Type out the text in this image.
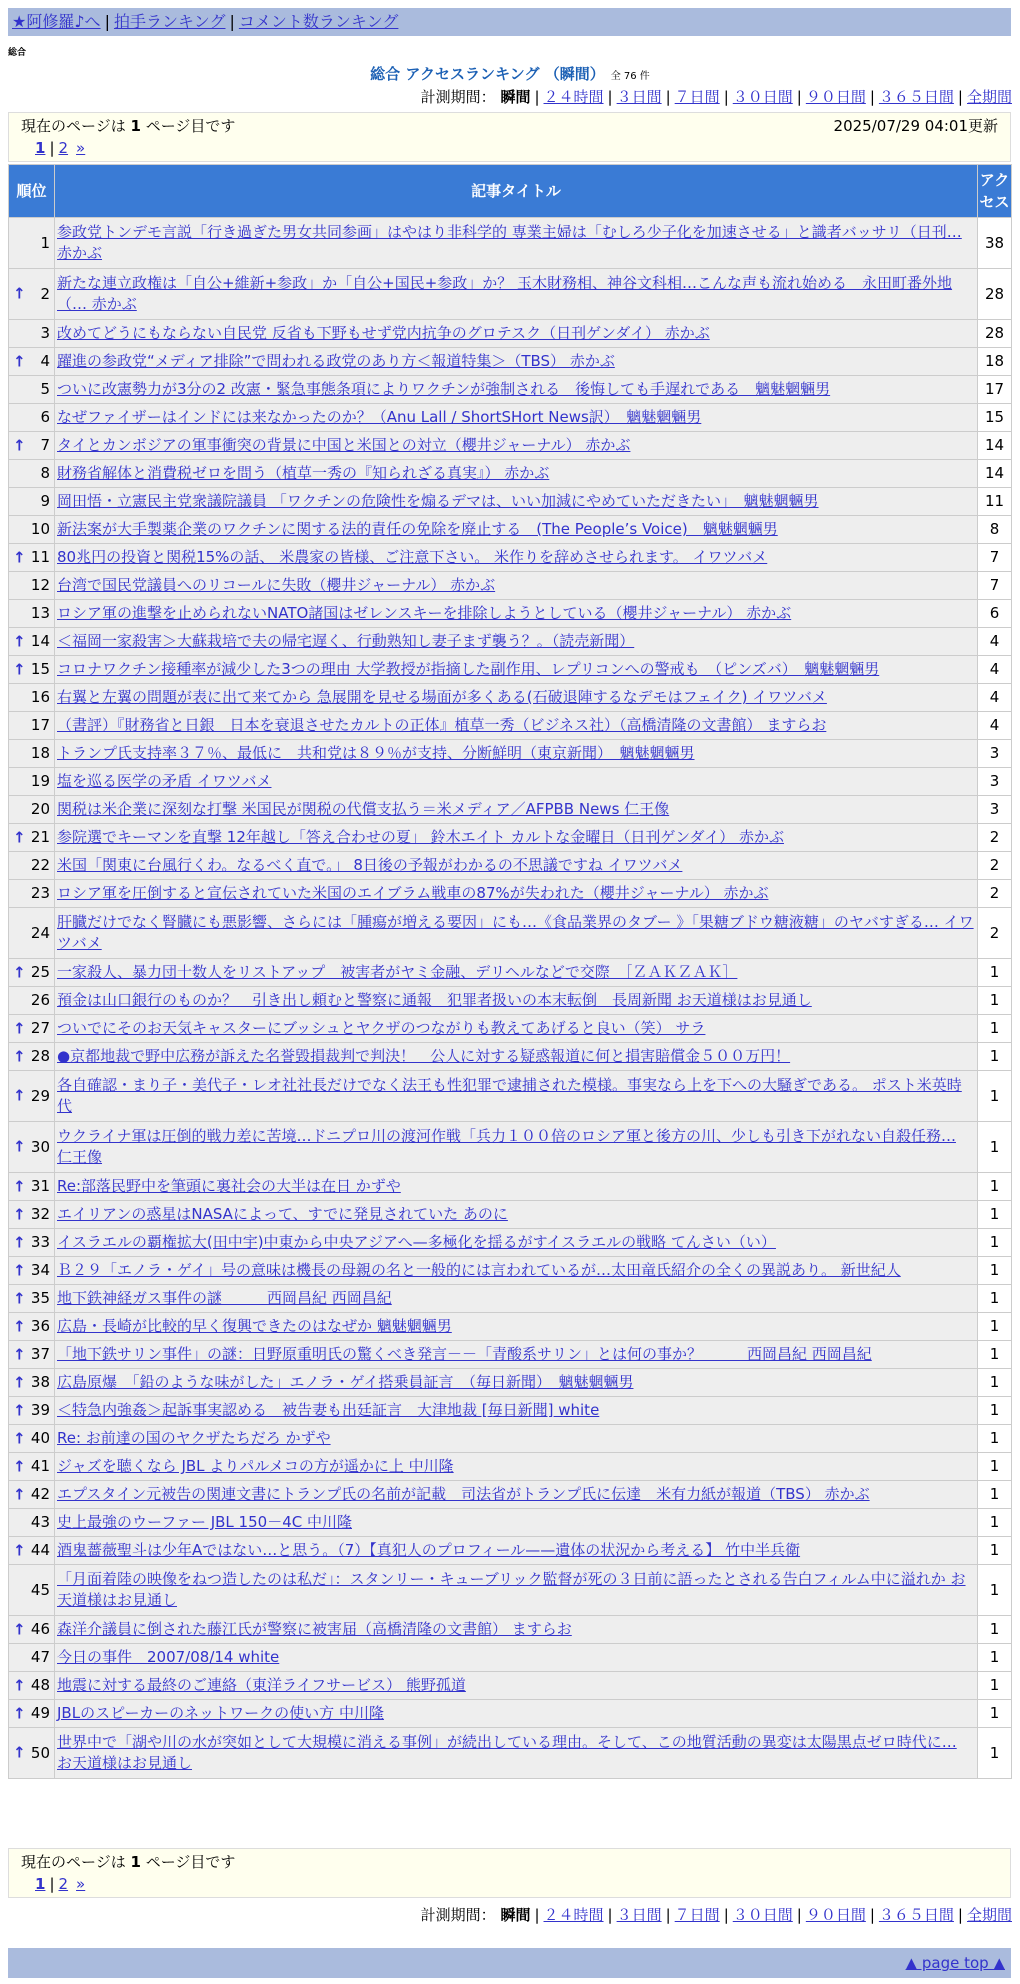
★阿修羅♪へ | 拍手ランキング | コメント数ランキング
総合
総合 アクセスランキング （瞬間） 全 76 件
計測期間： 瞬間 | ２４時間 | ３日間 | ７日間 | ３０日間 | ９０日間 | ３６５日間 | 全期間
現在のページは 1 ページ目です	2025/07/29 04:01更新
1 | 2 »
順位	記事タイトル	アクセス
1	参政党トンデモ言説「行き過ぎた男女共同参画」はやはり非科学的 専業主婦は「むしろ少子化を加速させる」と識者バッサリ（日刊… 赤かぶ	38

↑ 2	新たな連立政権は「自公+維新+参政」か「自公+国民+参政」か？ 玉木財務相、神谷文科相…こんな声も流れ始める　永田町番外地（… 赤かぶ	28
3	改めてどうにもならない自民党 反省も下野もせず党内抗争のグロテスク（日刊ゲンダイ） 赤かぶ	28

↑ 4	躍進の参政党“メディア排除”で問われる政党のあり方＜報道特集＞（TBS） 赤かぶ	18
5	ついに改憲勢力が3分の2 改憲・緊急事態条項によりワクチンが強制される　後悔しても手遅れである　魑魅魍魎男	17
6	なぜファイザーはインドには来なかったのか？（Anu Lall / ShortSHort News訳）　魑魅魍魎男	15

↑ 7	タイとカンボジアの軍事衝突の背景に中国と米国との対立（櫻井ジャーナル） 赤かぶ	14
8	財務省解体と消費税ゼロを問う（植草一秀の『知られざる真実』） 赤かぶ	14
9	岡田悟・立憲民主党衆議院議員 「ワクチンの危険性を煽るデマは、いい加減にやめていただきたい」　魑魅魍魎男	11
10	新法案が大手製薬企業のワクチンに関する法的責任の免除を廃止する　(The People’s Voice)　魑魅魍魎男	8

↑ 11	80兆円の投資と関税15%の話、 米農家の皆様、ご注意下さい。 米作りを辞めさせられます。 イワツバメ	7
12	台湾で国民党議員へのリコールに失敗（櫻井ジャーナル） 赤かぶ	7
13	ロシア軍の進撃を止められないNATO諸国はゼレンスキーを排除しようとしている（櫻井ジャーナル） 赤かぶ	6

↑ 14	＜福岡一家殺害＞大蘇栽培で夫の帰宅遅く、行動熟知し妻子まず襲う？。（読売新聞）	4

↑ 15	コロナワクチン接種率が減少した3つの理由 大学教授が指摘した副作用、レプリコンへの警戒も　（ピンズバ）　魑魅魍魎男	4
16	右翼と左翼の問題が表に出て来てから 急展開を見せる場面が多くある(石破退陣するなデモはフェイク) イワツバメ	4
17	（書評）『財務省と日銀　日本を衰退させたカルトの正体』植草一秀（ビジネス社）（高橋清隆の文書館） ますらお	4
18	トランプ氏支持率３７％、最低に　共和党は８９％が支持、分断鮮明（東京新聞）　魑魅魍魎男	3
19	塩を巡る医学の矛盾 イワツバメ	3
20	関税は米企業に深刻な打撃 米国民が関税の代償支払う＝米メディア／AFPBB News 仁王像	3

↑ 21	参院選でキーマンを直撃 12年越し「答え合わせの夏」 鈴木エイト カルトな金曜日（日刊ゲンダイ） 赤かぶ	2
22	米国「関東に台風行くわ。なるべく直で。」 8日後の予報がわかるの不思議ですね イワツバメ	2
23	ロシア軍を圧倒すると宣伝されていた米国のエイブラム戦車の87%が失われた（櫻井ジャーナル） 赤かぶ	2
24	肝臓だけでなく腎臓にも悪影響、さらには「腫瘍が増える要因」にも…《食品業界のタブー 》「果糖ブドウ糖液糖」のヤバすぎる… イワツバメ	2

↑ 25	一家殺人、暴力団十数人をリストアップ　被害者がヤミ金融、デリヘルなどで交際　［ＺＡＫＺＡＫ］	1
26	預金は山口銀行のものか？　引き出し頼むと警察に通報　犯罪者扱いの本末転倒　長周新聞 お天道様はお見通し	1

↑ 27	ついでにそのお天気キャスターにブッシュとヤクザのつながりも教えてあげると良い（笑） サラ	1

↑ 28	●京都地裁で野中広務が訴えた名誉毀損裁判で判決！　公人に対する疑惑報道に何と損害賠償金５００万円！	1

↑ 29	各自確認・まり子・美代子・レオ社社長だけでなく法王も性犯罪で逮捕された模様。事実なら上を下への大騒ぎである。 ポスト米英時代	1

↑ 30	ウクライナ軍は圧倒的戦力差に苦境…ドニプロ川の渡河作戦「兵力１００倍のロシア軍と後方の川、少しも引き下がれない自殺任務… 仁王像	1

↑ 31	Re:部落民野中を筆頭に裏社会の大半は在日 かずや	1

↑ 32	エイリアンの惑星はNASAによって、すでに発見されていた あのに	1

↑ 33	イスラエルの覇権拡大(田中宇)中東から中央アジアへ—多極化を揺るがすイスラエルの戦略 てんさい（い）	1

↑ 34	Ｂ２９「エノラ・ゲイ」号の意味は機長の母親の名と一般的には言われているが…太田竜氏紹介の全くの異説あり。 新世紀人	1

↑ 35	地下鉄神経ガス事件の謎　　　西岡昌紀 西岡昌紀	1

↑ 36	広島・長崎が比較的早く復興できたのはなぜか 魑魅魍魎男	1

↑ 37	「地下鉄サリン事件」の謎：日野原重明氏の驚くべき発言－－「青酸系サリン」とは何の事か？　　　西岡昌紀 西岡昌紀	1

↑ 38	広島原爆　「鉛のような味がした」エノラ・ゲイ搭乗員証言　（毎日新聞）　魑魅魍魎男	1

↑ 39	＜特急内強姦＞起訴事実認める　被告妻も出廷証言　大津地裁 [毎日新聞] white	1

↑ 40	Re: お前達の国のヤクザたちだろ かずや	1

↑ 41	ジャズを聴くなら JBL よりパルメコの方が遥かに上 中川隆	1

↑ 42	エプスタイン元被告の関連文書にトランプ氏の名前が記載　司法省がトランプ氏に伝達　米有力紙が報道（TBS） 赤かぶ	1
43	史上最強のウーファー JBL 150－4C 中川隆	1

↑ 44	酒鬼薔薇聖斗は少年Aではない…と思う。（7）【真犯人のプロフィール——遺体の状況から考える】 竹中半兵衛	1
45	「月面着陸の映像をねつ造したのは私だ」：スタンリー・キューブリック監督が死の３日前に語ったとされる告白フィルム中に溢れか お天道様はお見通し	1

↑ 46	森洋介議員に倒された藤江氏が警察に被害届（高橋清隆の文書館） ますらお	1
47	今日の事件　2007/08/14 white	1

↑ 48	地震に対する最終のご連絡（東洋ライフサービス） 熊野孤道	1

↑ 49	JBLのスピーカーのネットワークの使い方 中川隆	1

↑ 50	世界中で「湖や川の水が突如として大規模に消える事例」が続出している理由。そして、この地質活動の異変は太陽黒点ゼロ時代に… お天道様はお見通し	1
現在のページは 1 ページ目です
1 | 2 »
計測期間： 瞬間 | ２４時間 | ３日間 | ７日間 | ３０日間 | ９０日間 | ３６５日間 | 全期間
▲ page top ▲
